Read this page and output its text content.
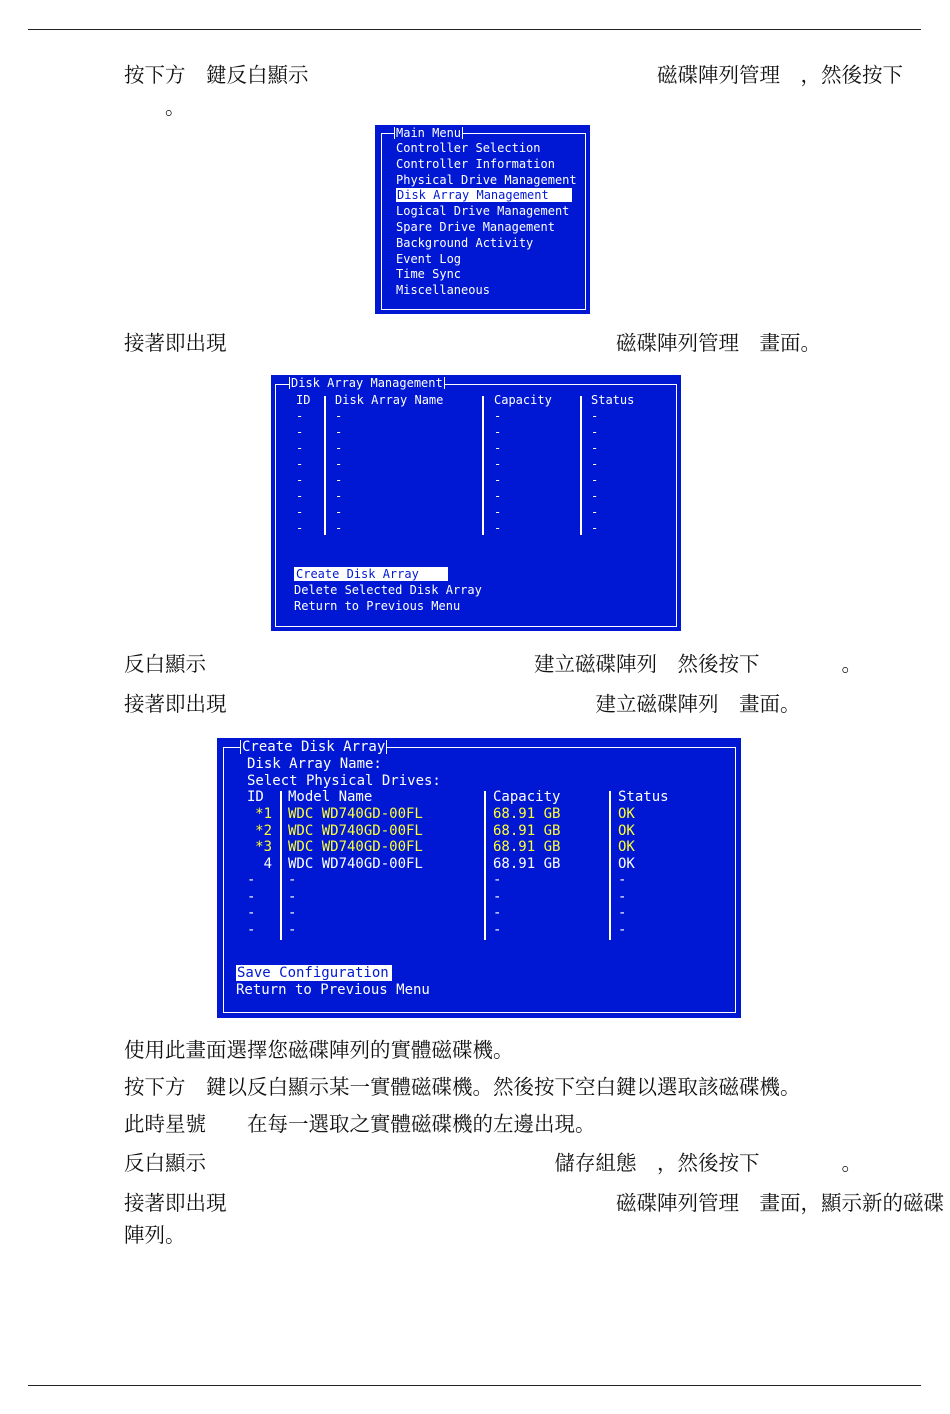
按下方　鍵反白顯示　　　　　　　　　　　　　　　　　磁碟陣列管理　，然後按下
　　。
Main Menu
Controller Selection
Controller Information
Physical Drive Management
Disk Array Management
Logical Drive Management
Spare Drive Management
Background Activity
Event Log
Time Sync
Miscellaneous
接著即出現　　　　　　　　　　　　　　　　　　　磁碟陣列管理　畫面。
Disk Array Management
ID Disk Array Name	Capacity	Status
-	-	-	-
-	-	-	-
-	-	-	-
-	-	-	-
-	-	-	-
-	-	-	-
-	-	-	-
-	-	-	-
Create Disk Array
Delete Selected Disk Array
Return to Previous Menu
反白顯示　　　　　　　　　　　　　　　　建立磁碟陣列　然後按下　　　　。
接著即出現　　　　　　　　　　　　　　　　　　建立磁碟陣列　畫面。
Create Disk Array
Disk Array Name:
Select Physical Drives:
ID Model Name	Capacity	Status
*1 WDC WD740GD-00FL	68.91 GB	OK
*2 WDC WD740GD-00FL	68.91 GB	OK
*3 WDC WD740GD-00FL	68.91 GB	OK
4 WDC WD740GD-00FL	68.91 GB	OK
- -	-	-
- -	-	-
- -	-	-
- -	-	-
Save Configuration
Return to Previous Menu
使用此畫面選擇您磁碟陣列的實體磁碟機。
按下方　鍵以反白顯示某一實體磁碟機。然後按下空白鍵以選取該磁碟機。
此時星號　　在每一選取之實體磁碟機的左邊出現。
反白顯示　　　　　　　　　　　　　　　　　儲存組態　，然後按下　　　　。
接著即出現　　　　　　　　　　　　　　　　　　　磁碟陣列管理　畫面，顯示新的磁碟
陣列。
